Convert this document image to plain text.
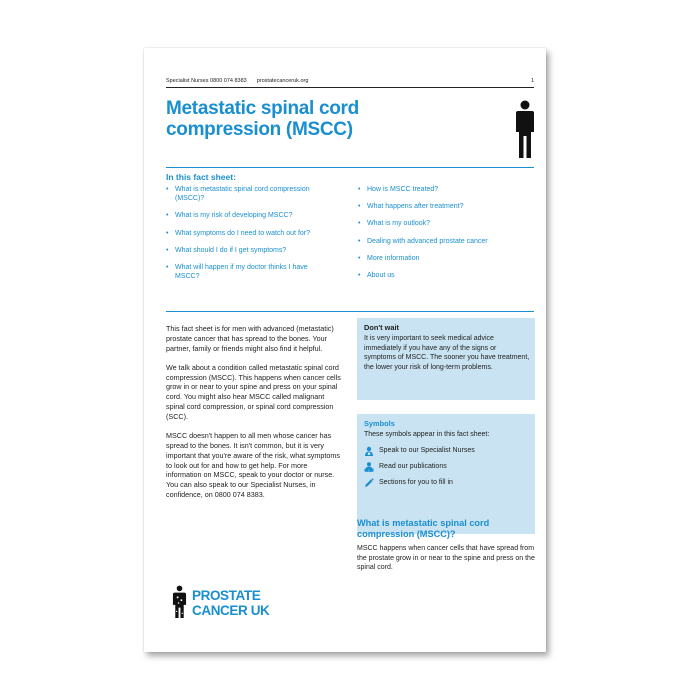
Specialist Nurses 0800 074 8383 prostatecanceruk.org	1
Metastatic spinal cord
compression (MSCC)
In this fact sheet:
• What is metastatic spinal cord compression (MSCC)?
• What is my risk of developing MSCC?
• What symptoms do I need to watch out for?
• What should I do if I get symptoms?
• What will happen if my doctor thinks I have MSCC?
• How is MSCC treated?
• What happens after treatment?
• What is my outlook?
• Dealing with advanced prostate cancer
• More information
• About us

This fact sheet is for men with advanced (metastatic) prostate cancer that has spread to the bones. Your partner, family or friends might also find it helpful.

We talk about a condition called metastatic spinal cord compression (MSCC). This happens when cancer cells grow in or near to your spine and press on your spinal cord. You might also hear MSCC called malignant spinal cord compression, or spinal cord compression (SCC).

MSCC doesn't happen to all men whose cancer has spread to the bones. It isn't common, but it is very important that you're aware of the risk, what symptoms to look out for and how to get help. For more information on MSCC, speak to your doctor or nurse. You can also speak to our Specialist Nurses, in confidence, on 0800 074 8383.

Don't wait
It is very important to seek medical advice immediately if you have any of the signs or symptoms of MSCC. The sooner you have treatment, the lower your risk of long-term problems.
Symbols
These symbols appear in this fact sheet:
Speak to our Specialist Nurses
Read our publications
Sections for you to fill in
What is metastatic spinal cord compression (MSCC)?
MSCC happens when cancer cells that have spread from the prostate grow in or near to the spine and press on the spinal cord.
PROSTATE
CANCER UK
